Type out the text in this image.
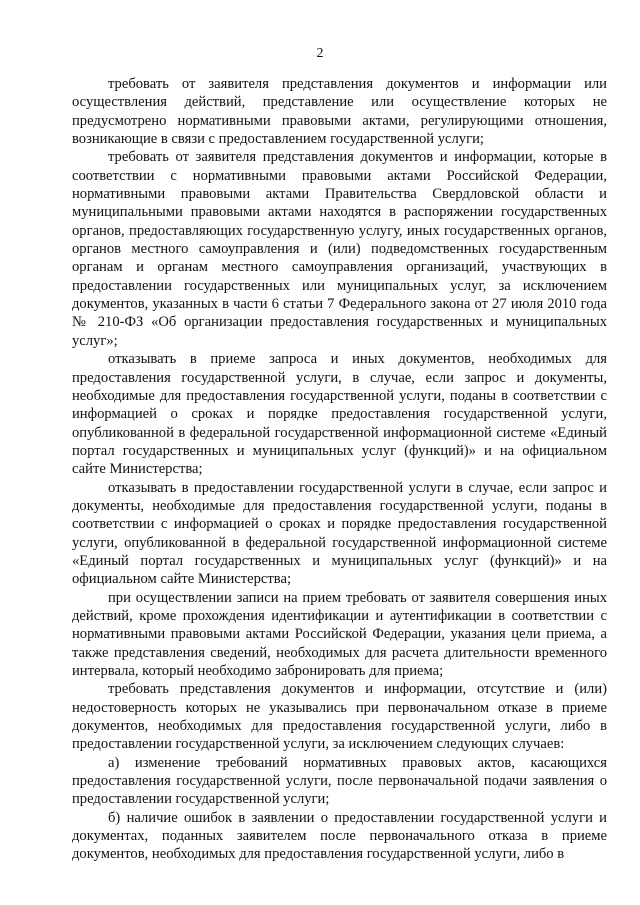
2

требовать от заявителя представления документов и информации или осуществления действий, представление или осуществление которых не предусмотрено нормативными правовыми актами, регулирующими отношения, возникающие в связи с предоставлением государственной услуги;

требовать от заявителя представления документов и информации, которые в соответствии с нормативными правовыми актами Российской Федерации, нормативными правовыми актами Правительства Свердловской области и муниципальными правовыми актами находятся в распоряжении государственных органов, предоставляющих государственную услугу, иных государственных органов, органов местного самоуправления и (или) подведомственных государственным органам и органам местного самоуправления организаций, участвующих в предоставлении государственных или муниципальных услуг, за исключением документов, указанных в части 6 статьи 7 Федерального закона от 27 июля 2010 года № 210-ФЗ «Об организации предоставления государственных и муниципальных услуг»;

отказывать в приеме запроса и иных документов, необходимых для предоставления государственной услуги, в случае, если запрос и документы, необходимые для предоставления государственной услуги, поданы в соответствии с информацией о сроках и порядке предоставления государственной услуги, опубликованной в федеральной государственной информационной системе «Единый портал государственных и муниципальных услуг (функций)» и на официальном сайте Министерства;

отказывать в предоставлении государственной услуги в случае, если запрос и документы, необходимые для предоставления государственной услуги, поданы в соответствии с информацией о сроках и порядке предоставления государственной услуги, опубликованной в федеральной государственной информационной системе «Единый портал государственных и муниципальных услуг (функций)» и на официальном сайте Министерства;

при осуществлении записи на прием требовать от заявителя совершения иных действий, кроме прохождения идентификации и аутентификации в соответствии с нормативными правовыми актами Российской Федерации, указания цели приема, а также представления сведений, необходимых для расчета длительности временного интервала, который необходимо забронировать для приема;

требовать представления документов и информации, отсутствие и (или) недостоверность которых не указывались при первоначальном отказе в приеме документов, необходимых для предоставления государственной услуги, либо в предоставлении государственной услуги, за исключением следующих случаев:

а) изменение требований нормативных правовых актов, касающихся предоставления государственной услуги, после первоначальной подачи заявления о предоставлении государственной услуги;

б) наличие ошибок в заявлении о предоставлении государственной услуги и документах, поданных заявителем после первоначального отказа в приеме документов, необходимых для предоставления государственной услуги, либо в
